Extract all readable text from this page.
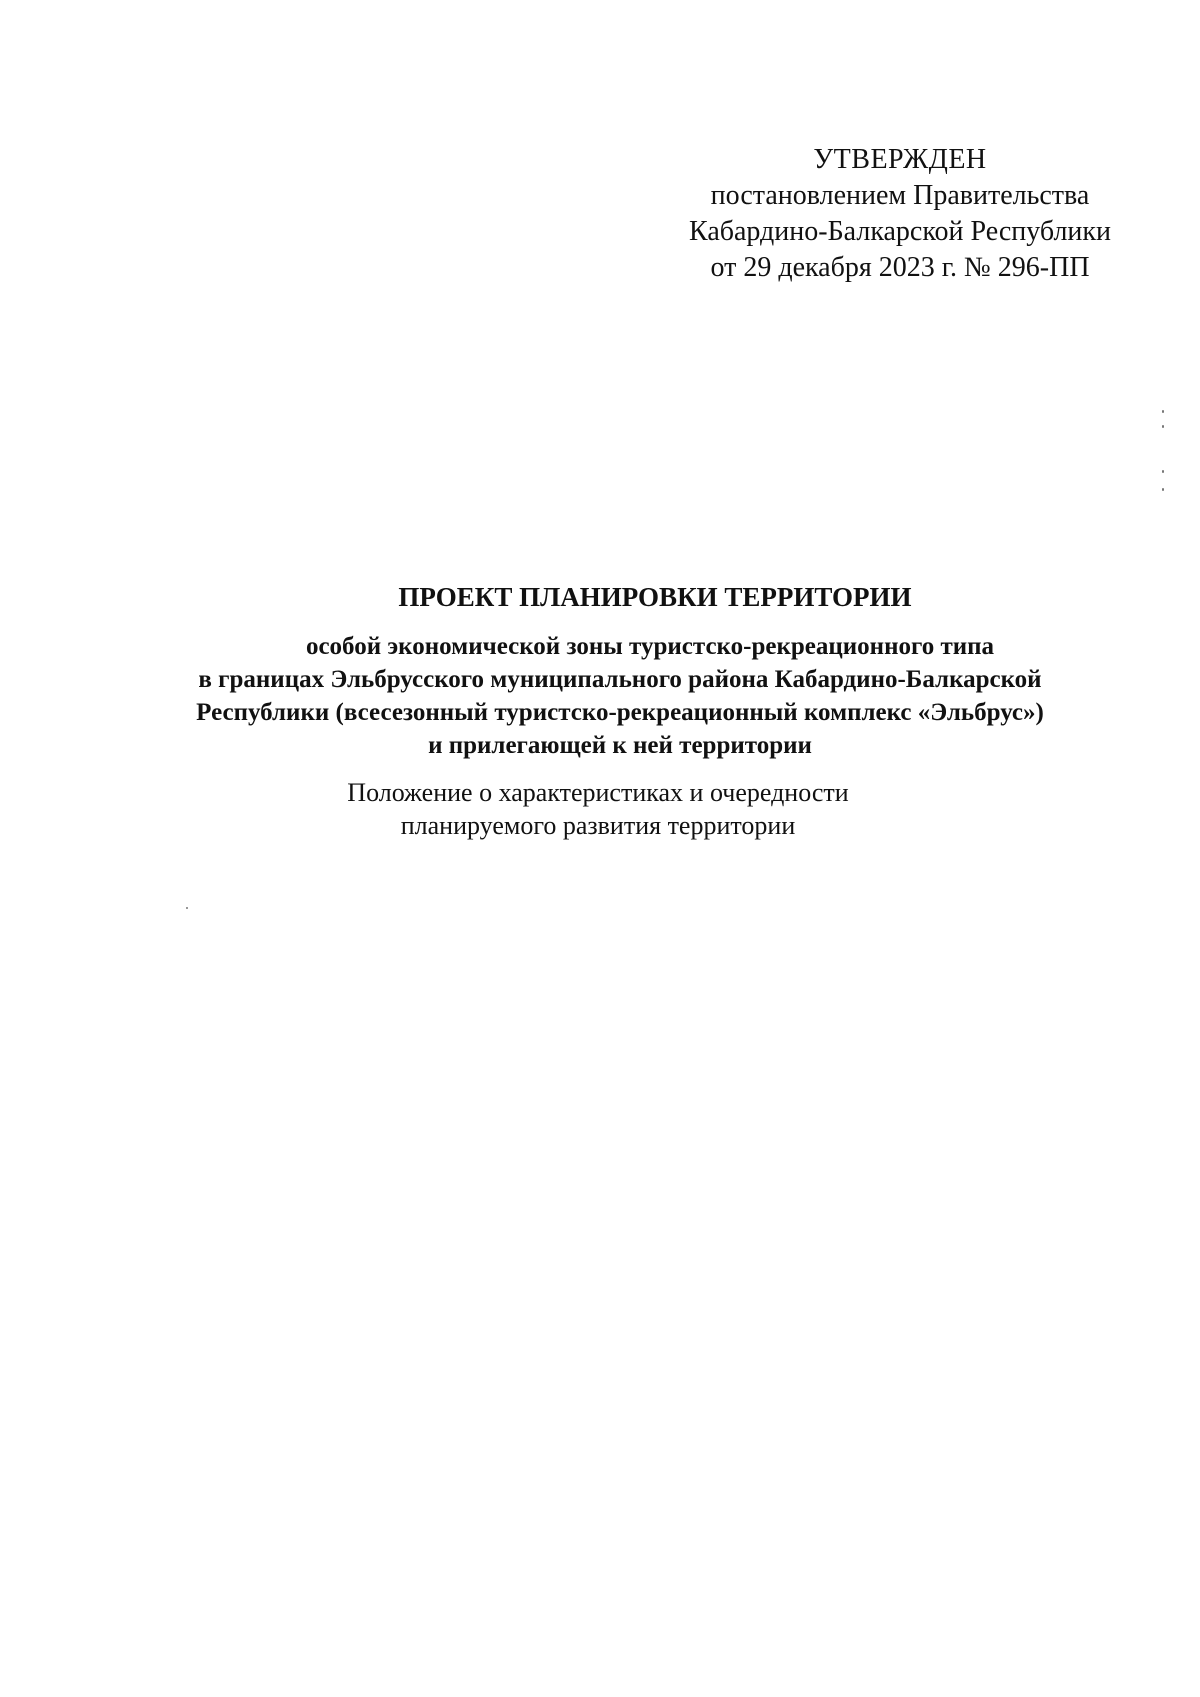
УТВЕРЖДЕН
постановлением Правительства
Кабардино-Балкарской Республики
от 29 декабря 2023 г. № 296-ПП
ПРОЕКТ ПЛАНИРОВКИ ТЕРРИТОРИИ
особой экономической зоны туристско-рекреационного типа
в границах Эльбрусского муниципального района Кабардино-Балкарской
Республики (всесезонный туристско-рекреационный комплекс «Эльбрус»)
и прилегающей к ней территории
Положение о характеристиках и очередности
планируемого развития территории
